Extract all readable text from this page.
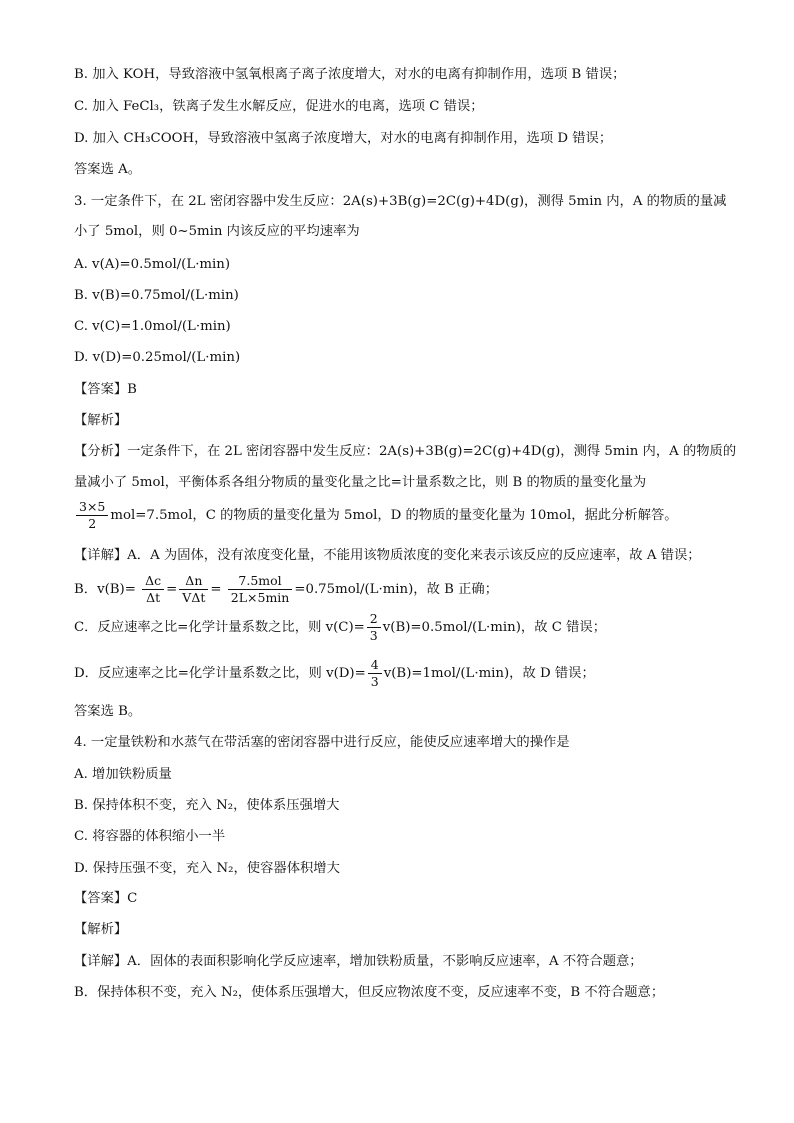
B. 加入 KOH，导致溶液中氢氧根离子离子浓度增大，对水的电离有抑制作用，选项 B 错误；
C. 加入 FeCl₃，铁离子发生水解反应，促进水的电离，选项 C 错误；
D. 加入 CH₃COOH，导致溶液中氢离子浓度增大，对水的电离有抑制作用，选项 D 错误；
答案选 A。
3. 一定条件下，在 2L 密闭容器中发生反应：2A(s)+3B(g)=2C(g)+4D(g)，测得 5min 内，A 的物质的量减
小了 5mol，则 0~5min 内该反应的平均速率为
A. v(A)=0.5mol/(L·min)
B. v(B)=0.75mol/(L·min)
C. v(C)=1.0mol/(L·min)
D. v(D)=0.25mol/(L·min)
【答案】B
【解析】
【分析】一定条件下，在 2L 密闭容器中发生反应：2A(s)+3B(g)=2C(g)+4D(g)，测得 5min 内，A 的物质的
量减小了 5mol，平衡体系各组分物质的量变化量之比=计量系数之比，则 B 的物质的量变化量为
$\frac{3\times 5}{2} mol=7.5mol$，C 的物质的量变化量为 5mol，D 的物质的量变化量为 10mol，据此分析解答。
【详解】A．A 为固体，没有浓度变化量，不能用该物质浓度的变化来表示该反应的反应速率，故 A 错误；
B．$v(B)= \frac{\Delta c}{\Delta t} = \frac{\Delta n}{\text{VΔt}} = \frac{\text{7.5mol}}{2L\times 5\min} =0.75mol/(L\cdot\min)$，故 B 正确；
C．反应速率之比=化学计量系数之比，则 $v(C)= \frac{2}{3} v(B)=0.5mol/(L\cdot\min)$，故 C 错误；
D．反应速率之比=化学计量系数之比，则 $v(D)= \frac{4}{3} v(B)=1mol/(L\cdot\min)$，故 D 错误；
答案选 B。
4. 一定量铁粉和水蒸气在带活塞的密闭容器中进行反应，能使反应速率增大的操作是
A. 增加铁粉质量
B. 保持体积不变，充入 N₂，使体系压强增大
C. 将容器的体积缩小一半
D. 保持压强不变，充入 N₂，使容器体积增大
【答案】C
【解析】
【详解】A．固体的表面积影响化学反应速率，增加铁粉质量，不影响反应速率，A 不符合题意；
B．保持体积不变，充入 N₂，使体系压强增大，但反应物浓度不变，反应速率不变，B 不符合题意；
